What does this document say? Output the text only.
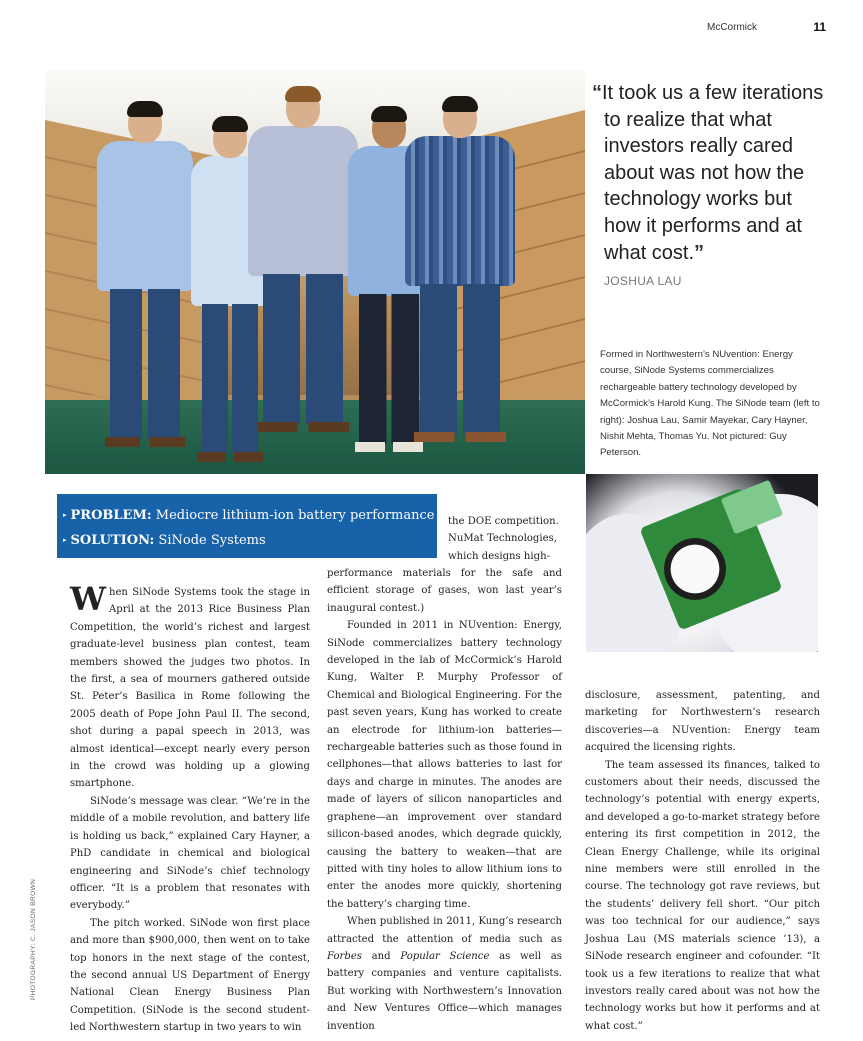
McCormick	11

“It took us a few iterations to realize that what investors really cared about was not how the technology works but how it performs and at what cost.”

JOSHUA LAU
Formed in Northwestern’s NUvention: Energy course, SiNode Systems commercializes rechargeable battery technology developed by McCormick’s Harold Kung. The SiNode team (left to right): Joshua Lau, Samir Mayekar, Cary Hayner, Nishit Mehta, Thomas Yu. Not pictured: Guy Peterson.
▸ PROBLEM: Mediocre lithium-ion battery performance
▸ SOLUTION: SiNode Systems

When SiNode Systems took the stage in April at the 2013 Rice Business Plan Competition, the world’s richest and largest graduate-level business plan contest, team members showed the judges two photos. In the first, a sea of mourners gathered outside St. Peter’s Basilica in Rome following the 2005 death of Pope John Paul II. The second, shot during a papal speech in 2013, was almost identical—except nearly every person in the crowd was holding up a glowing smartphone.

SiNode’s message was clear. “We’re in the middle of a mobile revolution, and battery life is holding us back,” explained Cary Hayner, a PhD candidate in chemical and biological engineering and SiNode’s chief technology officer. “It is a problem that resonates with everybody.”

The pitch worked. SiNode won first place and more than $900,000, then went on to take top honors in the next stage of the contest, the second annual US Department of Energy National Clean Energy Business Plan Competition. (SiNode is the second student-led Northwestern startup in two years to win

the DOE competition. NuMat Technologies, which designs high-

performance materials for the safe and efficient storage of gases, won last year’s inaugural contest.)

Founded in 2011 in NUvention: Energy, SiNode commercializes battery technology developed in the lab of McCormick’s Harold Kung, Walter P. Murphy Professor of Chemical and Biological Engineering. For the past seven years, Kung has worked to create an electrode for lithium-ion batteries—rechargeable batteries such as those found in cellphones—that allows batteries to last for days and charge in minutes. The anodes are made of layers of silicon nanoparticles and graphene—an improvement over standard silicon-based anodes, which degrade quickly, causing the battery to weaken—that are pitted with tiny holes to allow lithium ions to enter the anodes more quickly, shortening the battery’s charging time.

When published in 2011, Kung’s research attracted the attention of media such as Forbes and Popular Science as well as battery companies and venture capitalists. But working with Northwestern’s Innovation and New Ventures Office—which manages invention

disclosure, assessment, patenting, and marketing for Northwestern’s research discoveries—a NUvention: Energy team acquired the licensing rights.

The team assessed its finances, talked to customers about their needs, discussed the technology’s potential with energy experts, and developed a go-to-market strategy before entering its first competition in 2012, the Clean Energy Challenge, while its original nine members were still enrolled in the course. The technology got rave reviews, but the students’ delivery fell short. “Our pitch was too technical for our audience,” says Joshua Lau (MS materials science ’13), a SiNode research engineer and cofounder. “It took us a few iterations to realize that what investors really cared about was not how the technology works but how it performs and at what cost.”

PHOTOGRAPHY: C. JASON BROWN
